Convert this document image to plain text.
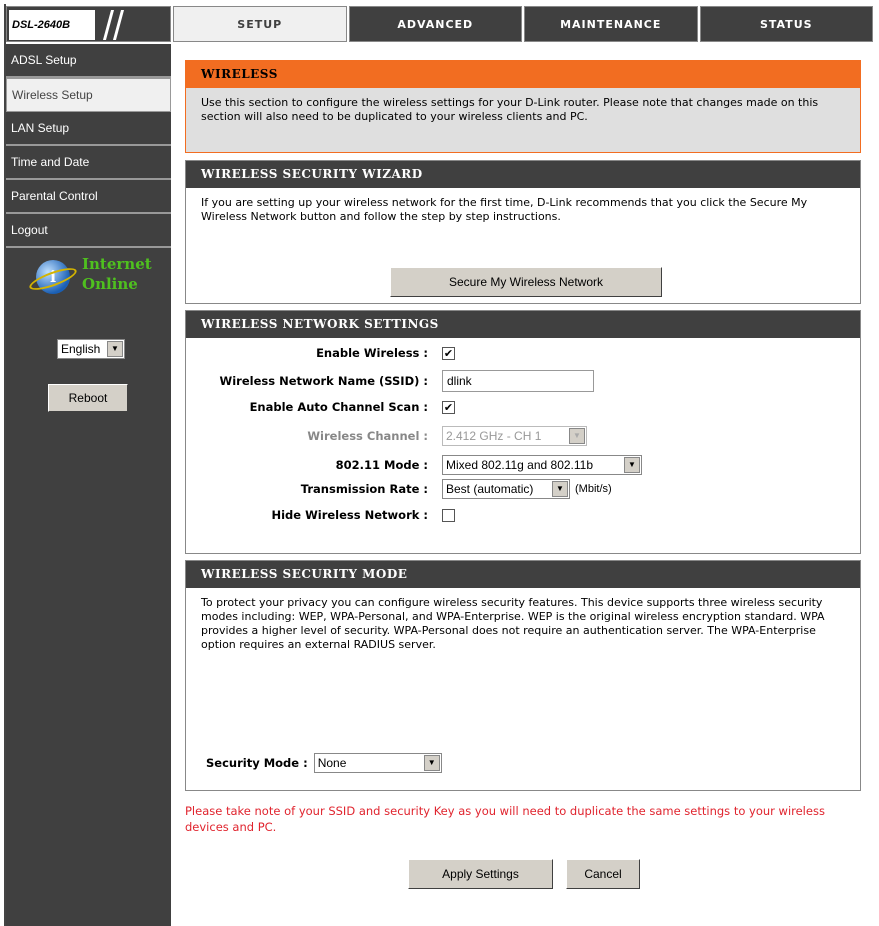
DSL-2640B	SETUP	ADVANCED	MAINTENANCE	STATUS
ADSL Setup
Wireless Setup
LAN Setup
Time and Date
Parental Control
Logout
i
Internet
Online
English	▼
Reboot
WIRELESS
Use this section to configure the wireless settings for your D-Link router. Please note that changes made on this section will also need to be duplicated to your wireless clients and PC.
WIRELESS SECURITY WIZARD
If you are setting up your wireless network for the first time, D-Link recommends that you click the Secure My Wireless Network button and follow the step by step instructions.
Secure My Wireless Network
WIRELESS NETWORK SETTINGS
Enable Wireless : ✔
Wireless Network Name (SSID) :
dlink
Enable Auto Channel Scan : ✔
Wireless Channel :	2.412 GHz - CH 1	▼
802.11 Mode :	Mixed 802.11g and 802.11b	▼
Transmission Rate :	Best (automatic)	▼	(Mbit/s)
Hide Wireless Network :
WIRELESS SECURITY MODE
To protect your privacy you can configure wireless security features. This device supports three wireless security modes including: WEP, WPA-Personal, and WPA-Enterprise. WEP is the original wireless encryption standard. WPA provides a higher level of security. WPA-Personal does not require an authentication server. The WPA-Enterprise option requires an external RADIUS server.
Security Mode : None	▼
Please take note of your SSID and security Key as you will need to duplicate the same settings to your wireless devices and PC.
Apply Settings	Cancel
